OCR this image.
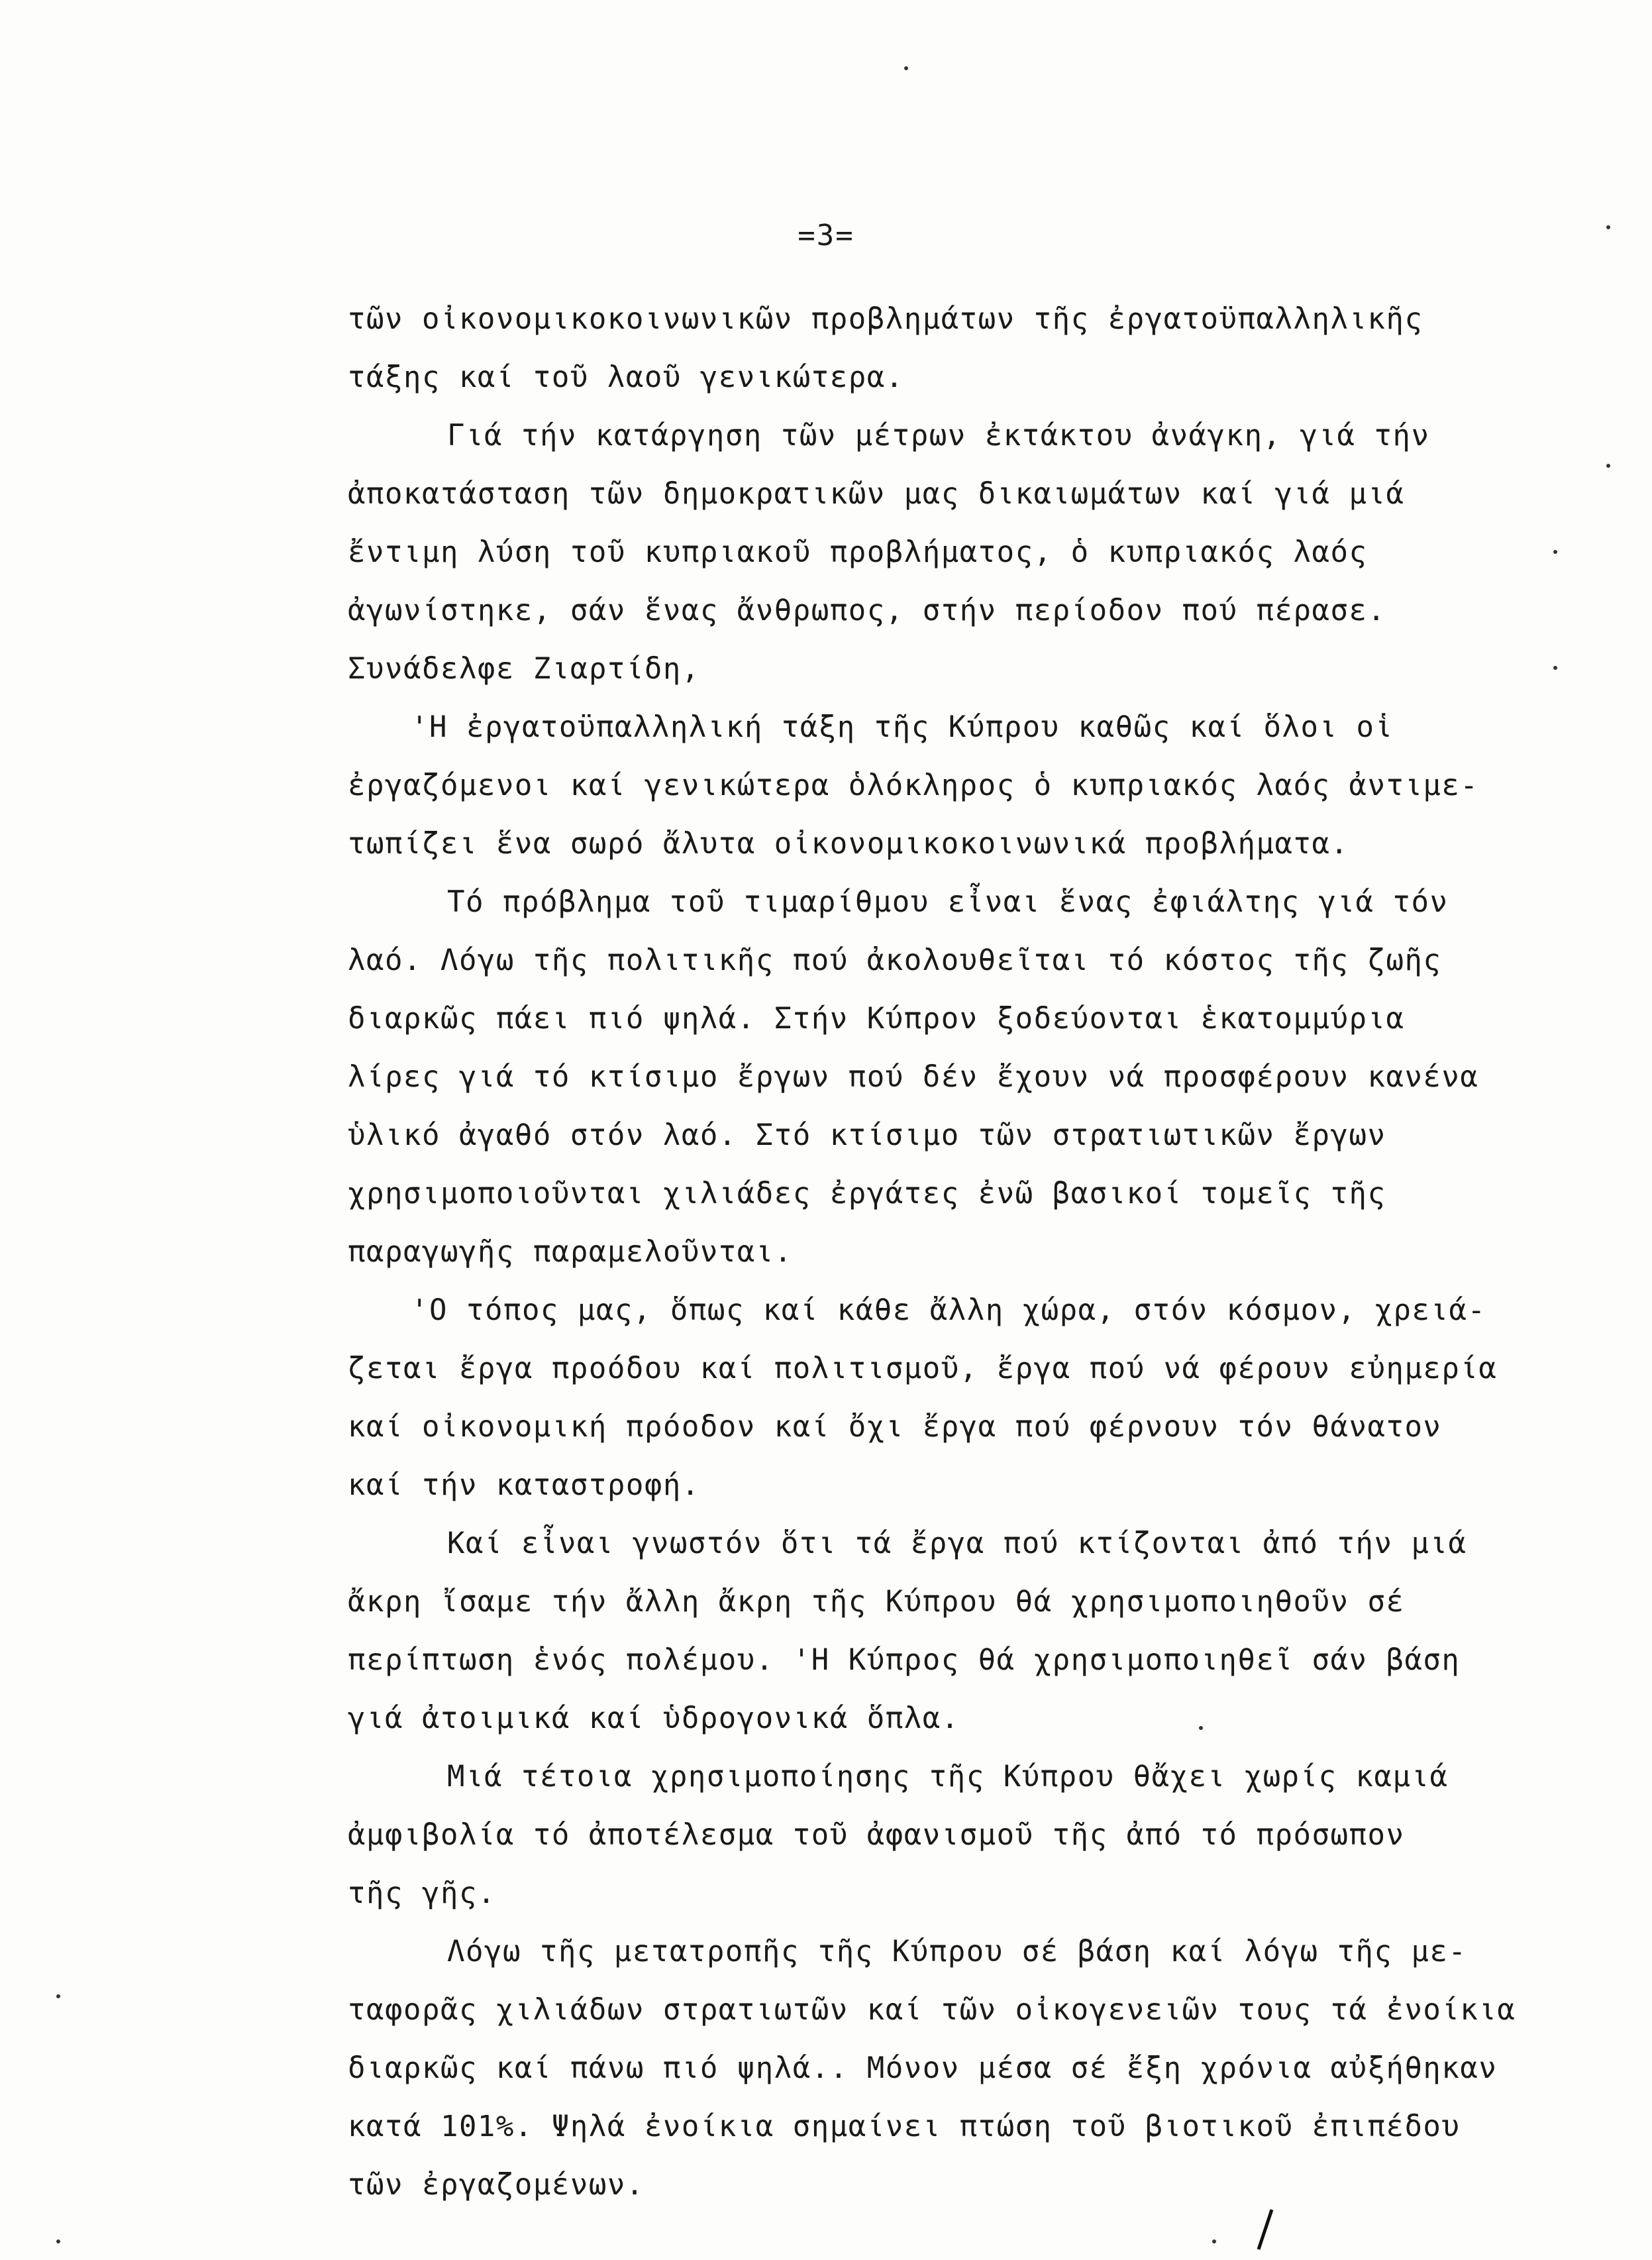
=3=
τῶν οἰκονομικοκοινωνικῶν προβλημάτων τῆς ἐργατοϋπαλληλικῆς
τάξης καί τοῦ λαοῦ γενικώτερα.
Γιά τήν κατάργηση τῶν μέτρων ἐκτάκτου ἀνάγκη, γιά τήν
ἀποκατάσταση τῶν δημοκρατικῶν μας δικαιωμάτων καί γιά μιά
ἔντιμη λύση τοῦ κυπριακοῦ προβλήματος, ὁ κυπριακός λαός
ἀγωνίστηκε, σάν ἕνας ἄνθρωπος, στήν περίοδον πού πέρασε.
Συνάδελφε Ζιαρτίδη,
'Η ἐργατοϋπαλληλική τάξη τῆς Κύπρου καθῶς καί ὅλοι οἱ
ἐργαζόμενοι καί γενικώτερα ὁλόκληρος ὁ κυπριακός λαός ἀντιμε-
τωπίζει ἕνα σωρό ἄλυτα οἰκονομικοκοινωνικά προβλήματα.
Τό πρόβλημα τοῦ τιμαρίθμου εἶναι ἕνας ἐφιάλτης γιά τόν
λαό. Λόγω τῆς πολιτικῆς πού ἀκολουθεῖται τό κόστος τῆς ζωῆς
διαρκῶς πάει πιό ψηλά. Στήν Κύπρον ξοδεύονται ἑκατομμύρια
λίρες γιά τό κτίσιμο ἔργων πού δέν ἔχουν νά προσφέρουν κανένα
ὑλικό ἀγαθό στόν λαό. Στό κτίσιμο τῶν στρατιωτικῶν ἔργων
χρησιμοποιοῦνται χιλιάδες ἐργάτες ἐνῶ βασικοί τομεῖς τῆς
παραγωγῆς παραμελοῦνται.
'Ο τόπος μας, ὅπως καί κάθε ἄλλη χώρα, στόν κόσμον, χρειά-
ζεται ἔργα προόδου καί πολιτισμοῦ, ἔργα πού νά φέρουν εὐημερία
καί οἰκονομική πρόοδον καί ὄχι ἔργα πού φέρνουν τόν θάνατον
καί τήν καταστροφή.
Καί εἶναι γνωστόν ὅτι τά ἔργα πού κτίζονται ἀπό τήν μιά
ἄκρη ἴσαμε τήν ἄλλη ἄκρη τῆς Κύπρου θά χρησιμοποιηθοῦν σέ
περίπτωση ἑνός πολέμου. 'Η Κύπρος θά χρησιμοποιηθεῖ σάν βάση
γιά ἀτοιμικά καί ὑδρογονικά ὅπλα.
Μιά τέτοια χρησιμοποίησης τῆς Κύπρου θἄχει χωρίς καμιά
ἀμφιβολία τό ἀποτέλεσμα τοῦ ἀφανισμοῦ τῆς ἀπό τό πρόσωπον
τῆς γῆς.
Λόγω τῆς μετατροπῆς τῆς Κύπρου σέ βάση καί λόγω τῆς με-
ταφορᾶς χιλιάδων στρατιωτῶν καί τῶν οἰκογενειῶν τους τά ἐνοίκια
διαρκῶς καί πάνω πιό ψηλά.. Μόνον μέσα σέ ἔξη χρόνια αὐξήθηκαν
κατά 101%. Ψηλά ἐνοίκια σημαίνει πτώση τοῦ βιοτικοῦ ἐπιπέδου
τῶν ἐργαζομένων.
